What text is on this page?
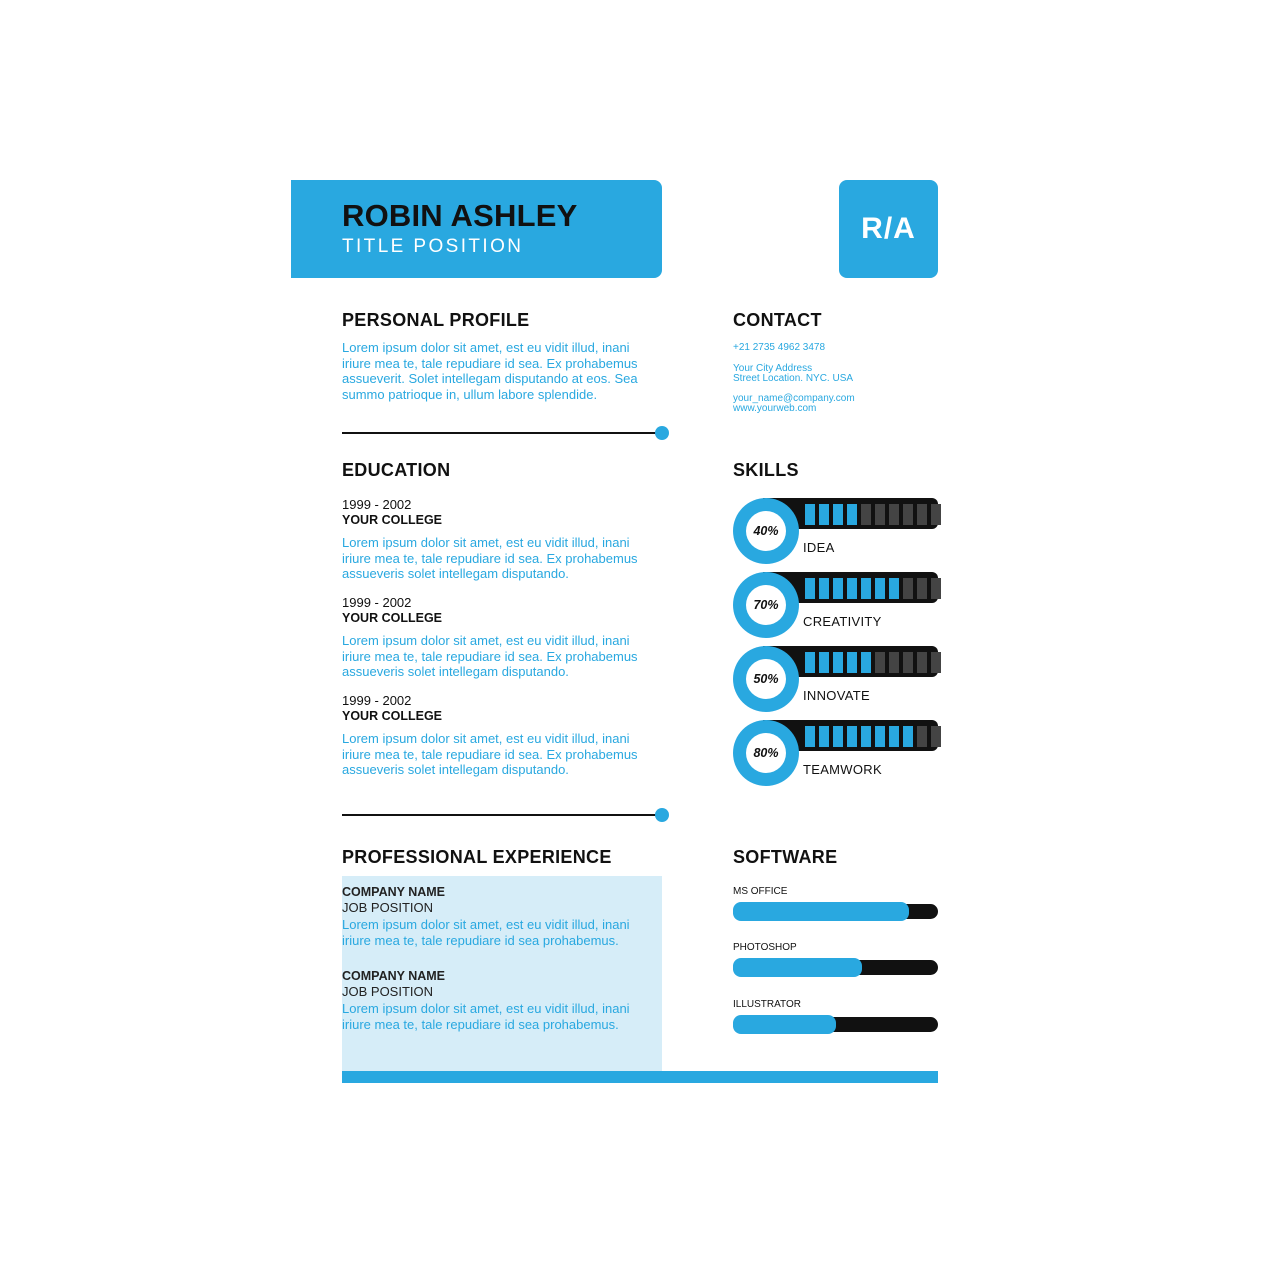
ROBIN ASHLEY
TITLE POSITION
R/A
PERSONAL PROFILE
Lorem ipsum dolor sit amet, est eu vidit illud, inani
iriure mea te, tale repudiare id sea. Ex prohabemus
assueverit. Solet intellegam disputando at eos. Sea
summo patrioque in, ullum labore splendide.
CONTACT
+21 2735 4962 3478
Your City Address
Street Location. NYC. USA
your_name@company.com
www.yourweb.com
EDUCATION
1999 - 2002
YOUR COLLEGE
Lorem ipsum dolor sit amet, est eu vidit illud, inani
iriure mea te, tale repudiare id sea. Ex prohabemus
assueveris solet intellegam disputando.
1999 - 2002
YOUR COLLEGE
Lorem ipsum dolor sit amet, est eu vidit illud, inani
iriure mea te, tale repudiare id sea. Ex prohabemus
assueveris solet intellegam disputando.
1999 - 2002
YOUR COLLEGE
Lorem ipsum dolor sit amet, est eu vidit illud, inani
iriure mea te, tale repudiare id sea. Ex prohabemus
assueveris solet intellegam disputando.
SKILLS
40%
IDEA
70%
CREATIVITY
50%
INNOVATE
80%
TEAMWORK
PROFESSIONAL EXPERIENCE
COMPANY NAME
JOB POSITION
Lorem ipsum dolor sit amet, est eu vidit illud, inani
iriure mea te, tale repudiare id sea prohabemus.
COMPANY NAME
JOB POSITION
Lorem ipsum dolor sit amet, est eu vidit illud, inani
iriure mea te, tale repudiare id sea prohabemus.
SOFTWARE
MS OFFICE
PHOTOSHOP
ILLUSTRATOR
